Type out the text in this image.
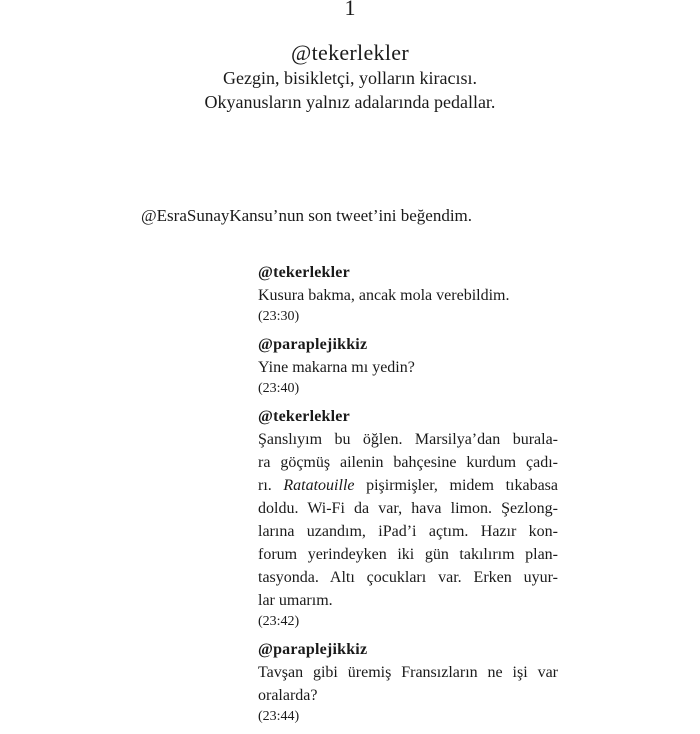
1
@tekerlekler
Gezgin, bisikletçi, yolların kiracısı.
Okyanusların yalnız adalarında pedallar.
@EsraSunayKansu’nun son tweet’ini beğendim.
@tekerlekler
Kusura bakma, ancak mola verebildim.
(23:30)
@paraplejikkiz
Yine makarna mı yedin?
(23:40)
@tekerlekler
Şanslıyım bu öğlen. Marsilya’dan burala-
ra göçmüş ailenin bahçesine kurdum çadı-
rı. Ratatouille pişirmişler, midem tıkabasa
doldu. Wi-Fi da var, hava limon. Şezlong-
larına uzandım, iPad’i açtım. Hazır kon-
forum yerindeyken iki gün takılırım plan-
tasyonda. Altı çocukları var. Erken uyur-
lar umarım.
(23:42)
@paraplejikkiz
Tavşan gibi üremiş Fransızların ne işi var
oralarda?
(23:44)
